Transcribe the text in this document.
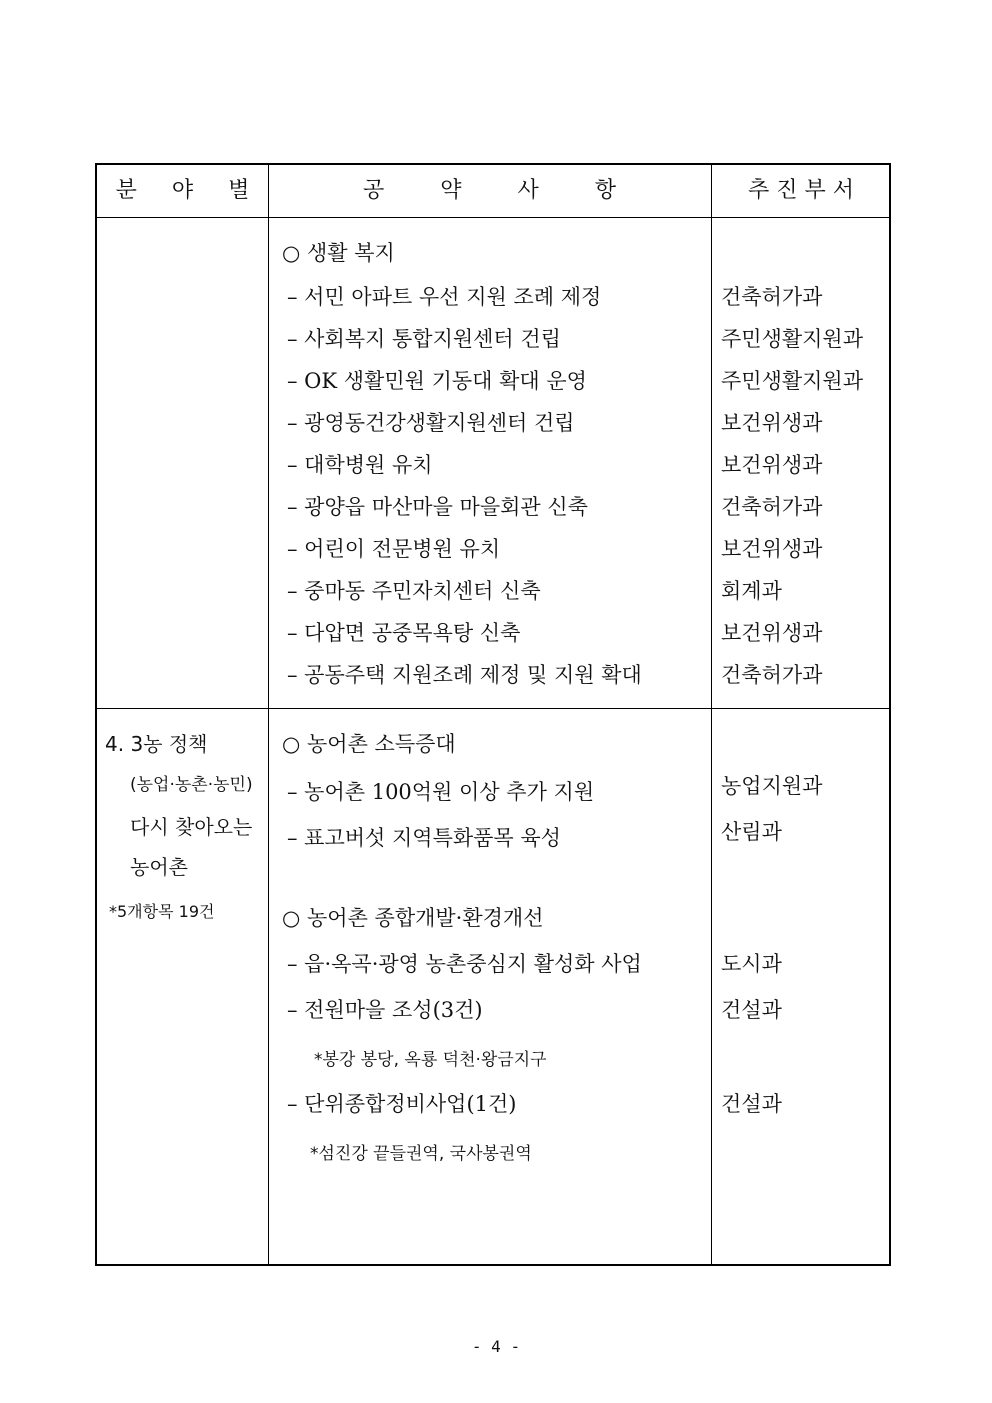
분 야 별	공	약	사	항	추진부서
○ 생활 복지
– 서민 아파트 우선 지원 조례 제정	건축허가과
– 사회복지 통합지원센터 건립	주민생활지원과
– OK 생활민원 기동대 확대 운영	주민생활지원과
– 광영동건강생활지원센터 건립	보건위생과
– 대학병원 유치	보건위생과
– 광양읍 마산마을 마을회관 신축	건축허가과
– 어린이 전문병원 유치	보건위생과
– 중마동 주민자치센터 신축	회계과
– 다압면 공중목욕탕 신축	보건위생과
– 공동주택 지원조례 제정 및 지원 확대	건축허가과
4. 3농 정책
(농업·농촌·농민)
다시 찾아오는
농어촌
*5개항목 19건
○ 농어촌 소득증대
– 농어촌 100억원 이상 추가 지원	농업지원과
– 표고버섯 지역특화품목 육성	산림과
○ 농어촌 종합개발·환경개선
– 읍·옥곡·광영 농촌중심지 활성화 사업	도시과
– 전원마을 조성(3건)	건설과
*봉강 봉당, 옥룡 덕천·왕금지구
– 단위종합정비사업(1건)	건설과
*섬진강 끝들권역, 국사봉권역
- 4 -
